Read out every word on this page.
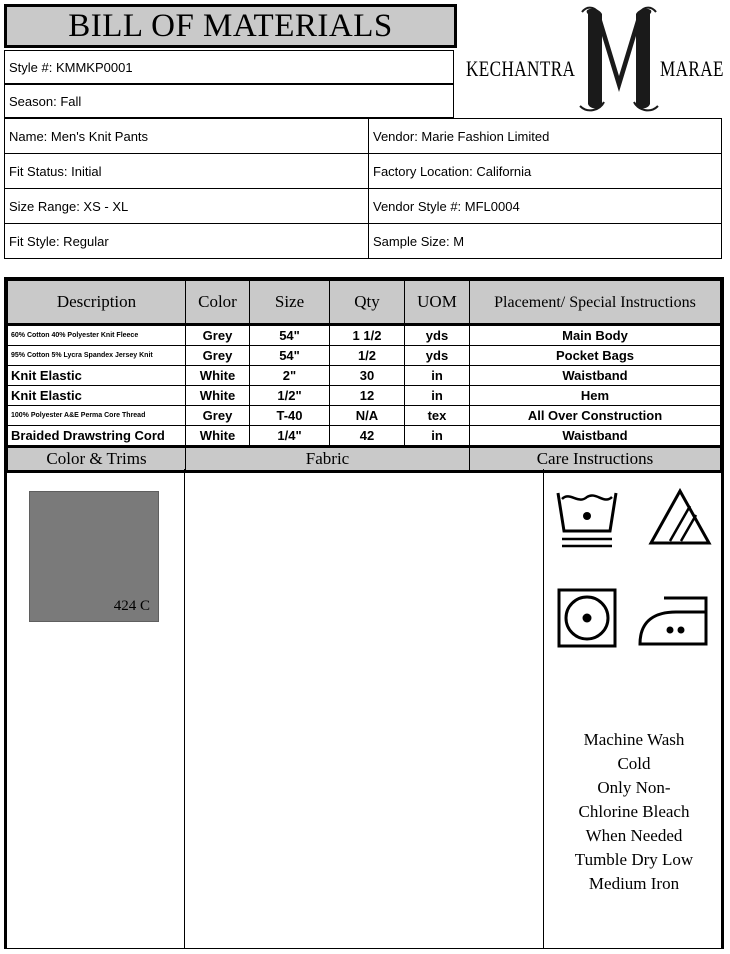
BILL OF MATERIALS
Style #: KMMKP0001
Season: Fall
KECHANTRA	MARAE
Name: Men's Knit Pants	Vendor: Marie Fashion Limited
Fit Status: Initial	Factory Location: California
Size Range: XS - XL	Vendor Style #: MFL0004
Fit Style: Regular	Sample Size: M
Description	Color	Size	Qty	UOM	Placement/ Special Instructions
60% Cotton 40% Polyester Knit Fleece	Grey	54"	1 1/2	yds	Main Body
95% Cotton 5% Lycra Spandex Jersey Knit	Grey	54"	1/2	yds	Pocket Bags
Knit Elastic	White	2"	30	in	Waistband
Knit Elastic	White	1/2"	12	in	Hem
100% Polyester A&E Perma Core Thread	Grey	T-40	N/A	tex	All Over Construction
Braided Drawstring Cord	White	1/4"	42	in	Waistband
Color & Trims	Fabric				Care Instructions
424 C
Machine Wash
Cold
Only Non-
Chlorine Bleach
When Needed
Tumble Dry Low
Medium Iron
